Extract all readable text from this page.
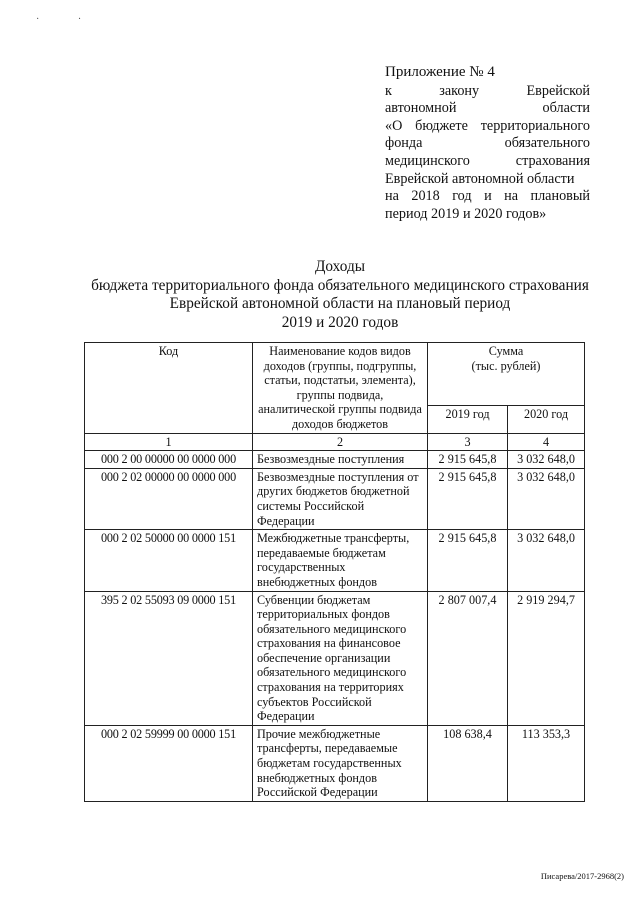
· ·
Приложение № 4
к закону Еврейской
автономной области
«О бюджете территориального
фонда обязательного
медицинского страхования
Еврейской автономной области
на 2018 год и на плановый
период 2019 и 2020 годов»
Доходы
бюджета территориального фонда обязательного медицинского страхования
Еврейской автономной области на плановый период
2019 и 2020 годов
Код	Наименование кодов видов доходов (группы, подгруппы, статьи, подстатьи, элемента), группы подвида, аналитической группы подвида доходов бюджетов	Сумма
(тыс. рублей)	

		2019 год	2020 год
1	2	3	4
000 2 00 00000 00 0000 000	Безвозмездные поступления	2 915 645,8	3 032 648,0
000 2 02 00000 00 0000 000	Безвозмездные поступления от других бюджетов бюджетной системы Российской Федерации	2 915 645,8	3 032 648,0
000 2 02 50000 00 0000 151	Межбюджетные трансферты, передаваемые бюджетам государственных внебюджетных фондов	2 915 645,8	3 032 648,0
395 2 02 55093 09 0000 151	Субвенции бюджетам территориальных фондов обязательного медицинского страхования на финансовое обеспечение организации обязательного медицинского страхования на территориях субъектов Российской Федерации	2 807 007,4	2 919 294,7
000 2 02 59999 00 0000 151	Прочие межбюджетные трансферты, передаваемые бюджетам государственных внебюджетных фондов Российской Федерации	108 638,4	113 353,3
Писарева/2017-2968(2)
